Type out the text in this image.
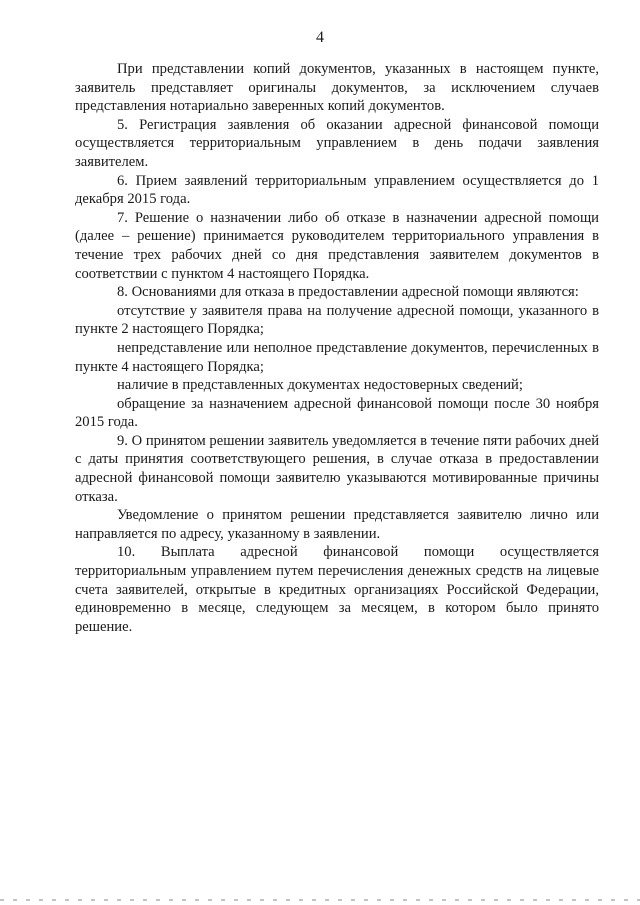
4

При представлении копий документов, указанных в настоящем пункте, заявитель представляет оригиналы документов, за исключением случаев представления нотариально заверенных копий документов.

5. Регистрация заявления об оказании адресной финансовой помощи осуществляется территориальным управлением в день подачи заявления заявителем.

6. Прием заявлений территориальным управлением осуществляется до 1 декабря 2015 года.

7. Решение о назначении либо об отказе в назначении адресной помощи (далее – решение) принимается руководителем территориального управления в течение трех рабочих дней со дня представления заявителем документов в соответствии с пунктом 4 настоящего Порядка.

8. Основаниями для отказа в предоставлении адресной помощи являются:

отсутствие у заявителя права на получение адресной помощи, указанного в пункте 2 настоящего Порядка;

непредставление или неполное представление документов, перечисленных в пункте 4 настоящего Порядка;

наличие в представленных документах недостоверных сведений;

обращение за назначением адресной финансовой помощи после 30 ноября 2015 года.

9. О принятом решении заявитель уведомляется в течение пяти рабочих дней с даты принятия соответствующего решения, в случае отказа в предоставлении адресной финансовой помощи заявителю указываются мотивированные причины отказа.

Уведомление о принятом решении представляется заявителю лично или направляется по адресу, указанному в заявлении.

10. Выплата адресной финансовой помощи осуществляется территориальным управлением путем перечисления денежных средств на лицевые счета заявителей, открытые в кредитных организациях Российской Федерации, единовременно в месяце, следующем за месяцем, в котором было принято решение.
